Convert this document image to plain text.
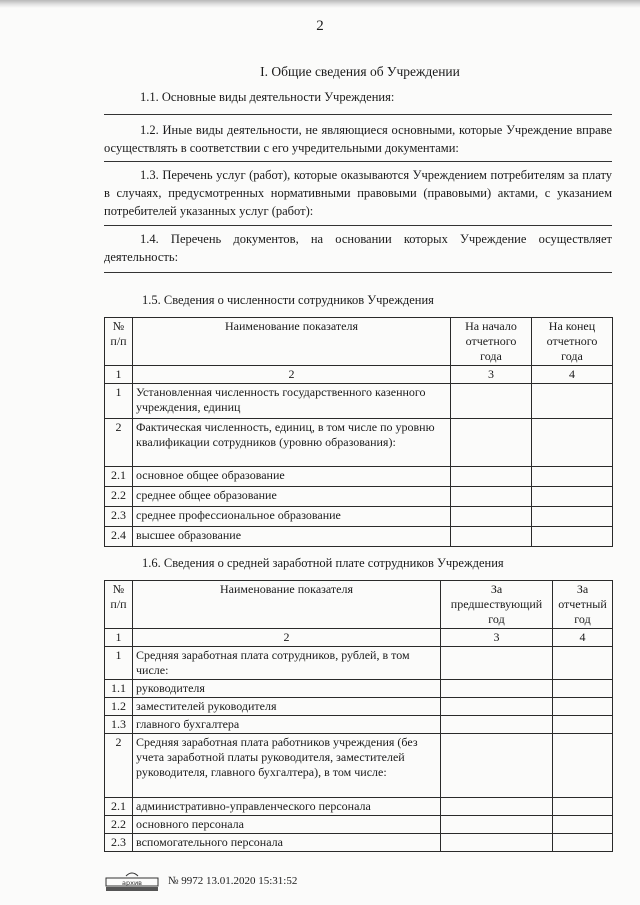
2
I. Общие сведения об Учреждении
1.1. Основные виды деятельности Учреждения:
1.2. Иные виды деятельности, не являющиеся основными, которые Учреждение вправе осуществлять в соответствии с его учредительными документами:
1.3. Перечень услуг (работ), которые оказываются Учреждением потребителям за плату в случаях, предусмотренных нормативными правовыми (правовыми) актами, с указанием потребителей указанных услуг (работ):
1.4. Перечень документов, на основании которых Учреждение осуществляет деятельность:
1.5. Сведения о численности сотрудников Учреждения
№ п/п	Наименование показателя	На начало отчетного года	На конец отчетного года
1	2	3	4
1	Установленная численность государственного казенного учреждения, единиц		
2	Фактическая численность, единиц, в том числе по уровню квалификации сотрудников (уровню образования):		
2.1	основное общее образование		
2.2	среднее общее образование		
2.3	среднее профессиональное образование		
2.4	высшее образование		
1.6. Сведения о средней заработной плате сотрудников Учреждения
№ п/п	Наименование показателя	За предшествующий год	За отчетный год
1	2	3	4
1	Средняя заработная плата сотрудников, рублей, в том числе:		
1.1	руководителя		
1.2	заместителей руководителя		
1.3	главного бухгалтера		
2	Средняя заработная плата работников учреждения (без учета заработной платы руководителя, заместителей руководителя, главного бухгалтера), в том числе:		
2.1	административно-управленческого персонала		
2.2	основного персонала		
2.3	вспомогательного персонала		
архив № 9972 13.01.2020 15:31:52
